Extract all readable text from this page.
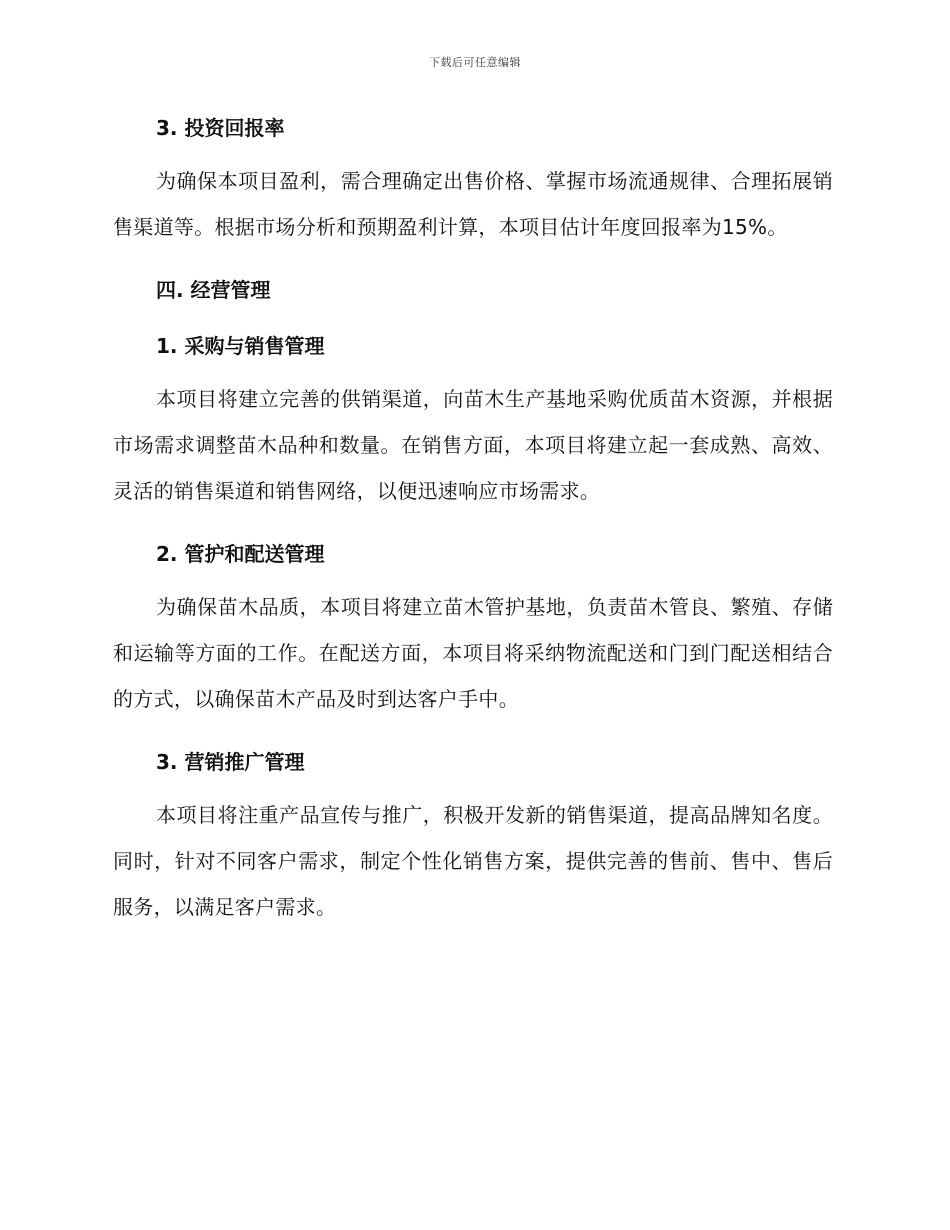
下载后可任意编辑
3. 投资回报率

为确保本项目盈利，需合理确定出售价格、掌握市场流通规律、合理拓展销售渠道等。根据市场分析和预期盈利计算，本项目估计年度回报率为15%。

四. 经营管理
1. 采购与销售管理

本项目将建立完善的供销渠道，向苗木生产基地采购优质苗木资源，并根据市场需求调整苗木品种和数量。在销售方面，本项目将建立起一套成熟、高效、灵活的销售渠道和销售网络，以便迅速响应市场需求。

2. 管护和配送管理

为确保苗木品质，本项目将建立苗木管护基地，负责苗木管良、繁殖、存储和运输等方面的工作。在配送方面，本项目将采纳物流配送和门到门配送相结合的方式，以确保苗木产品及时到达客户手中。

3. 营销推广管理

本项目将注重产品宣传与推广，积极开发新的销售渠道，提高品牌知名度。同时，针对不同客户需求，制定个性化销售方案，提供完善的售前、售中、售后服务，以满足客户需求。
